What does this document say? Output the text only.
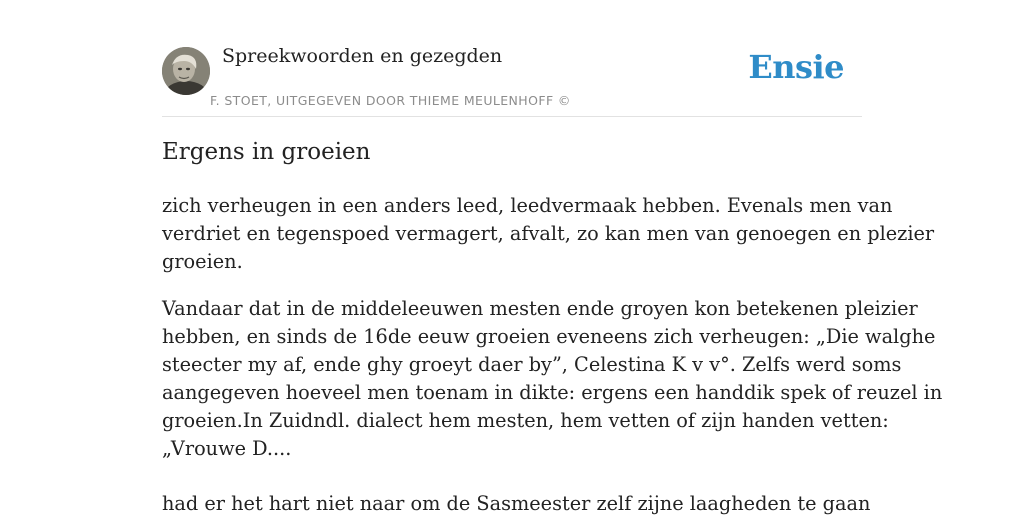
Spreekwoorden en gezegden
F. STOET, UITGEGEVEN DOOR THIEME MEULENHOFF ©
Ensie
Ergens in groeien

zich verheugen in een anders leed, leedvermaak hebben. Evenals men van
verdriet en tegenspoed vermagert, afvalt, zo kan men van genoegen en plezier
groeien.

Vandaar dat in de middeleeuwen mesten ende groyen kon betekenen pleizier
hebben, en sinds de 16de eeuw groeien eveneens zich verheugen: „Die walghe
steecter my af, ende ghy groeyt daer by”, Celestina K v v°. Zelfs werd soms
aangegeven hoeveel men toenam in dikte: ergens een handdik spek of reuzel in
groeien.In Zuidndl. dialect hem mesten, hem vetten of zijn handen vetten:
„Vrouwe D....

had er het hart niet naar om de Sasmeester zelf zijne laagheden te gaan
